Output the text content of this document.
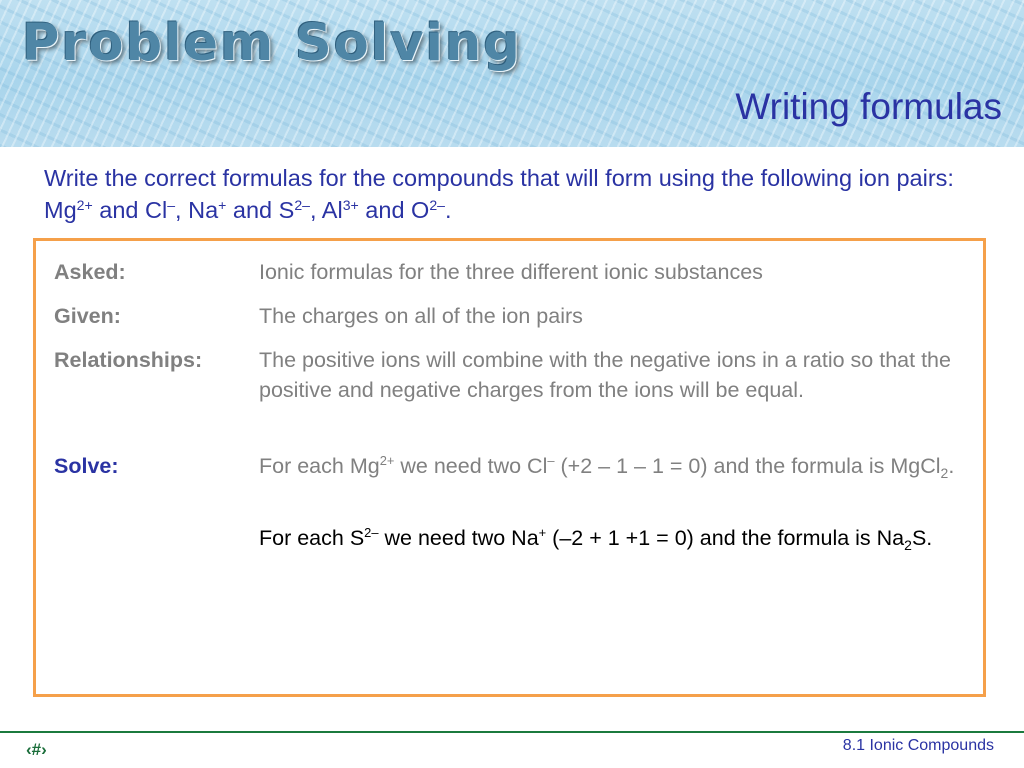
Problem Solving
Writing formulas

Write the correct formulas for the compounds that will form using the following ion pairs: $Mg^{2+}$ and Cl–, Na+ and $S^{2-}$, $Al^{3+}$ and $O^{2-}$.

Asked:	Ionic formulas for the three different ionic substances
Given:	The charges on all of the ion pairs
Relationships:	The positive ions will combine with the negative ions in a ratio so that the positive and negative charges from the ions will be equal.
Solve:	For each $Mg^{2+}$ we need two Cl– (+2 – 1 – 1 = 0) and the formula is MgCl$_2$.
For each $S^{2-}$ we need two Na+ (–2 + 1 +1 = 0) and the formula is $Na_2S$.
‹#›	8.1 Ionic Compounds
